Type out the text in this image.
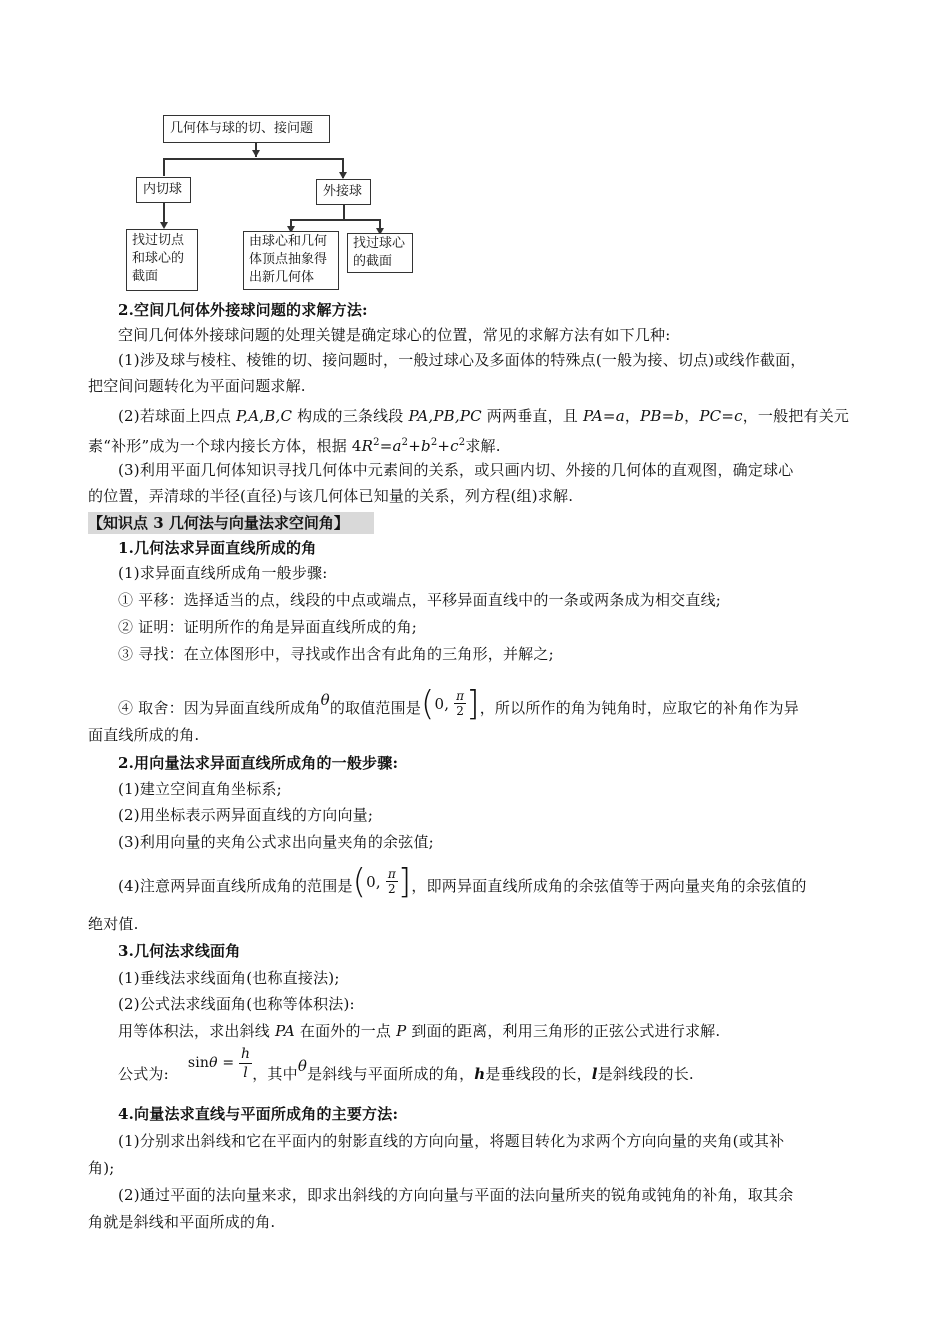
几何体与球的切、接问题
内切球	外接球
找过切点
和球心的
截面
由球心和几何
体顶点抽象得
出新几何体
找过球心
的截面
2.空间几何体外接球问题的求解方法:
空间几何体外接球问题的处理关键是确定球心的位置，常见的求解方法有如下几种:
(1)涉及球与棱柱、棱锥的切、接问题时，一般过球心及多面体的特殊点(一般为接、切点)或线作截面，
把空间问题转化为平面问题求解.
(2)若球面上四点 P,A,B,C 构成的三条线段 PA,PB,PC 两两垂直，且 PA=a，PB=b，PC=c，一般把有关元
素“补形”成为一个球内接长方体，根据 $4R^2=a^2+b^2+c^2$求解.
(3)利用平面几何体知识寻找几何体中元素间的关系，或只画内切、外接的几何体的直观图，确定球心
的位置，弄清球的半径(直径)与该几何体已知量的关系，列方程(组)求解.
【知识点 3 几何法与向量法求空间角】
1.几何法求异面直线所成的角
(1)求异面直线所成角一般步骤:
① 平移：选择适当的点，线段的中点或端点，平移异面直线中的一条或两条成为相交直线;
② 证明：证明所作的角是异面直线所成的角;
③ 寻找：在立体图形中，寻找或作出含有此角的三角形，并解之;
④ 取舍：因为异面直线所成角θ的取值范围是(0, $\frac{\pi}{2}$ ]，所以所作的角为钝角时，应取它的补角作为异
面直线所成的角.
2.用向量法求异面直线所成角的一般步骤:
(1)建立空间直角坐标系;
(2)用坐标表示两异面直线的方向向量;
(3)利用向量的夹角公式求出向量夹角的余弦值;
(4)注意两异面直线所成角的范围是(0, $\frac{\pi}{2}$ ]，即两异面直线所成角的余弦值等于两向量夹角的余弦值的
绝对值.
3.几何法求线面角
(1)垂线法求线面角(也称直接法);
(2)公式法求线面角(也称等体积法):
用等体积法，求出斜线 PA 在面外的一点 P 到面的距离，利用三角形的正弦公式进行求解.
公式为: $\sin\theta = \frac{h}{l}$ ，其中θ是斜线与平面所成的角，h是垂线段的长，l是斜线段的长.
4.向量法求直线与平面所成角的主要方法:
(1)分别求出斜线和它在平面内的射影直线的方向向量，将题目转化为求两个方向向量的夹角(或其补
角);
(2)通过平面的法向量来求，即求出斜线的方向向量与平面的法向量所夹的锐角或钝角的补角，取其余
角就是斜线和平面所成的角.
